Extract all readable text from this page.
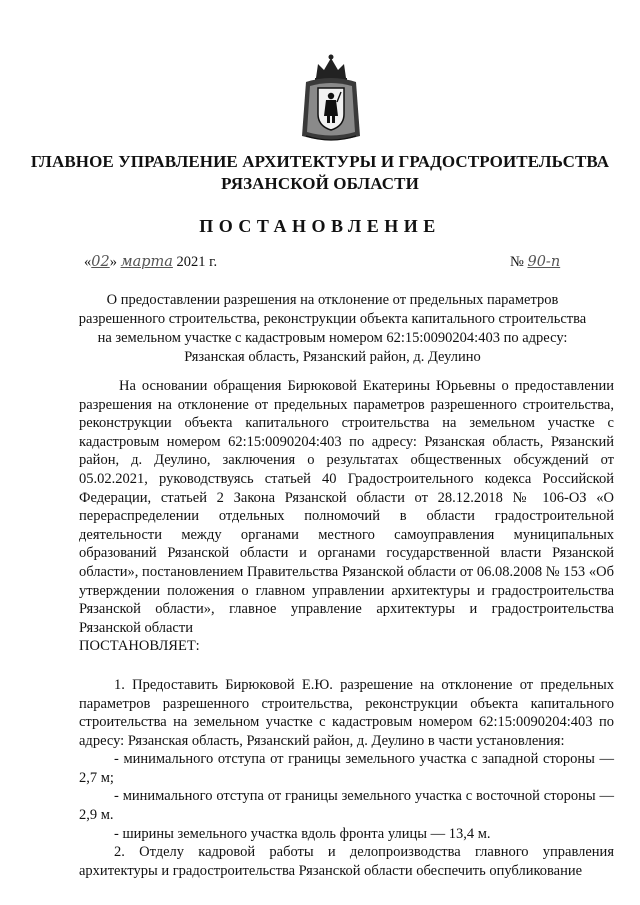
ГЛАВНОЕ УПРАВЛЕНИЕ АРХИТЕКТУРЫ И ГРАДОСТРОИТЕЛЬСТВА
РЯЗАНСКОЙ ОБЛАСТИ
ПОСТАНОВЛЕНИЕ
«02» марта 2021 г.	№ 90-п
О предоставлении разрешения на отклонение от предельных параметров
разрешенного строительства, реконструкции объекта капитального строительства
на земельном участке с кадастровым номером 62:15:0090204:403 по адресу:
Рязанская область, Рязанский район, д. Деулино

На основании обращения Бирюковой Екатерины Юрьевны о предоставлении разрешения на отклонение от предельных параметров разрешенного строительства, реконструкции объекта капитального строительства на земельном участке с кадастровым номером 62:15:0090204:403 по адресу: Рязанская область, Рязанский район, д. Деулино, заключения о результатах общественных обсуждений от 05.02.2021, руководствуясь статьей 40 Градостроительного кодекса Российской Федерации, статьей 2 Закона Рязанской области от 28.12.2018 № 106-ОЗ «О перераспределении отдельных полномочий в области градостроительной деятельности между органами местного самоуправления муниципальных образований Рязанской области и органами государственной власти Рязанской области», постановлением Правительства Рязанской области от 06.08.2008 № 153 «Об утверждении положения о главном управлении архитектуры и градостроительства Рязанской области», главное управление архитектуры и градостроительства Рязанской области

ПОСТАНОВЛЯЕТ:

1. Предоставить Бирюковой Е.Ю. разрешение на отклонение от предельных параметров разрешенного строительства, реконструкции объекта капитального строительства на земельном участке с кадастровым номером 62:15:0090204:403 по адресу: Рязанская область, Рязанский район, д. Деулино в части установления:

- минимального отступа от границы земельного участка с западной стороны — 2,7 м;

- минимального отступа от границы земельного участка с восточной стороны — 2,9 м.

- ширины земельного участка вдоль фронта улицы — 13,4 м.

2. Отделу кадровой работы и делопроизводства главного управления архитектуры и градостроительства Рязанской области обеспечить опубликование
